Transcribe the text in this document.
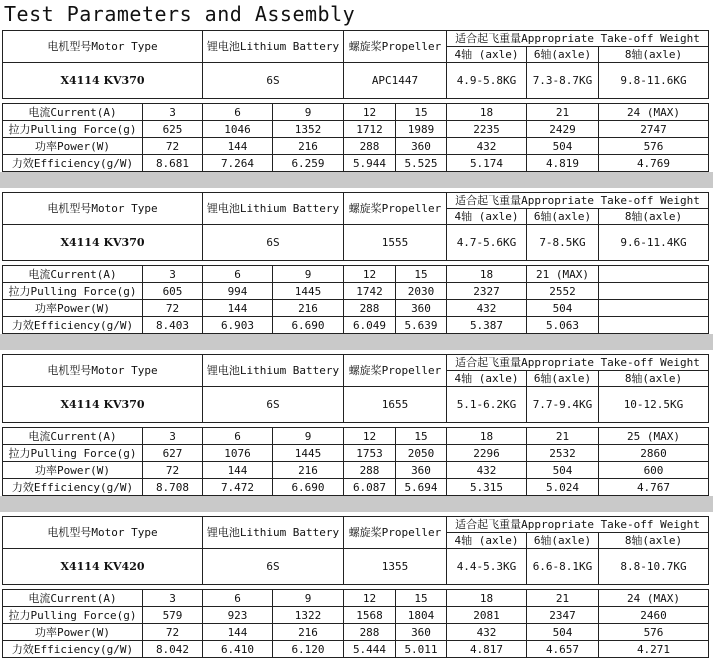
Test Parameters and Assembly
电机型号Motor Type	锂电池Lithium Battery	螺旋桨Propeller	适合起飞重量Appropriate Take-off Weight		
			4轴 (axle)	6轴(axle)	8轴(axle)
X4114 KV370	6S	APC1447	4.9-5.8KG	7.3-8.7KG	9.8-11.6KG
电流Current(A)	3	6	9	12	15	18	21	24 (MAX)
拉力Pulling Force(g)	625	1046	1352	1712	1989	2235	2429	2747
功率Power(W)	72	144	216	288	360	432	504	576
力效Efficiency(g/W)	8.681	7.264	6.259	5.944	5.525	5.174	4.819	4.769
电机型号Motor Type	锂电池Lithium Battery	螺旋桨Propeller	适合起飞重量Appropriate Take-off Weight		
			4轴 (axle)	6轴(axle)	8轴(axle)
X4114 KV370	6S	1555	4.7-5.6KG	7-8.5KG	9.6-11.4KG
电流Current(A)	3	6	9	12	15	18	21 (MAX)	
拉力Pulling Force(g)	605	994	1445	1742	2030	2327	2552	
功率Power(W)	72	144	216	288	360	432	504	
力效Efficiency(g/W)	8.403	6.903	6.690	6.049	5.639	5.387	5.063	
电机型号Motor Type	锂电池Lithium Battery	螺旋桨Propeller	适合起飞重量Appropriate Take-off Weight		
			4轴 (axle)	6轴(axle)	8轴(axle)
X4114 KV370	6S	1655	5.1-6.2KG	7.7-9.4KG	10-12.5KG
电流Current(A)	3	6	9	12	15	18	21	25 (MAX)
拉力Pulling Force(g)	627	1076	1445	1753	2050	2296	2532	2860
功率Power(W)	72	144	216	288	360	432	504	600
力效Efficiency(g/W)	8.708	7.472	6.690	6.087	5.694	5.315	5.024	4.767
电机型号Motor Type	锂电池Lithium Battery	螺旋桨Propeller	适合起飞重量Appropriate Take-off Weight		
			4轴 (axle)	6轴(axle)	8轴(axle)
X4114 KV420	6S	1355	4.4-5.3KG	6.6-8.1KG	8.8-10.7KG
电流Current(A)	3	6	9	12	15	18	21	24 (MAX)
拉力Pulling Force(g)	579	923	1322	1568	1804	2081	2347	2460
功率Power(W)	72	144	216	288	360	432	504	576
力效Efficiency(g/W)	8.042	6.410	6.120	5.444	5.011	4.817	4.657	4.271
